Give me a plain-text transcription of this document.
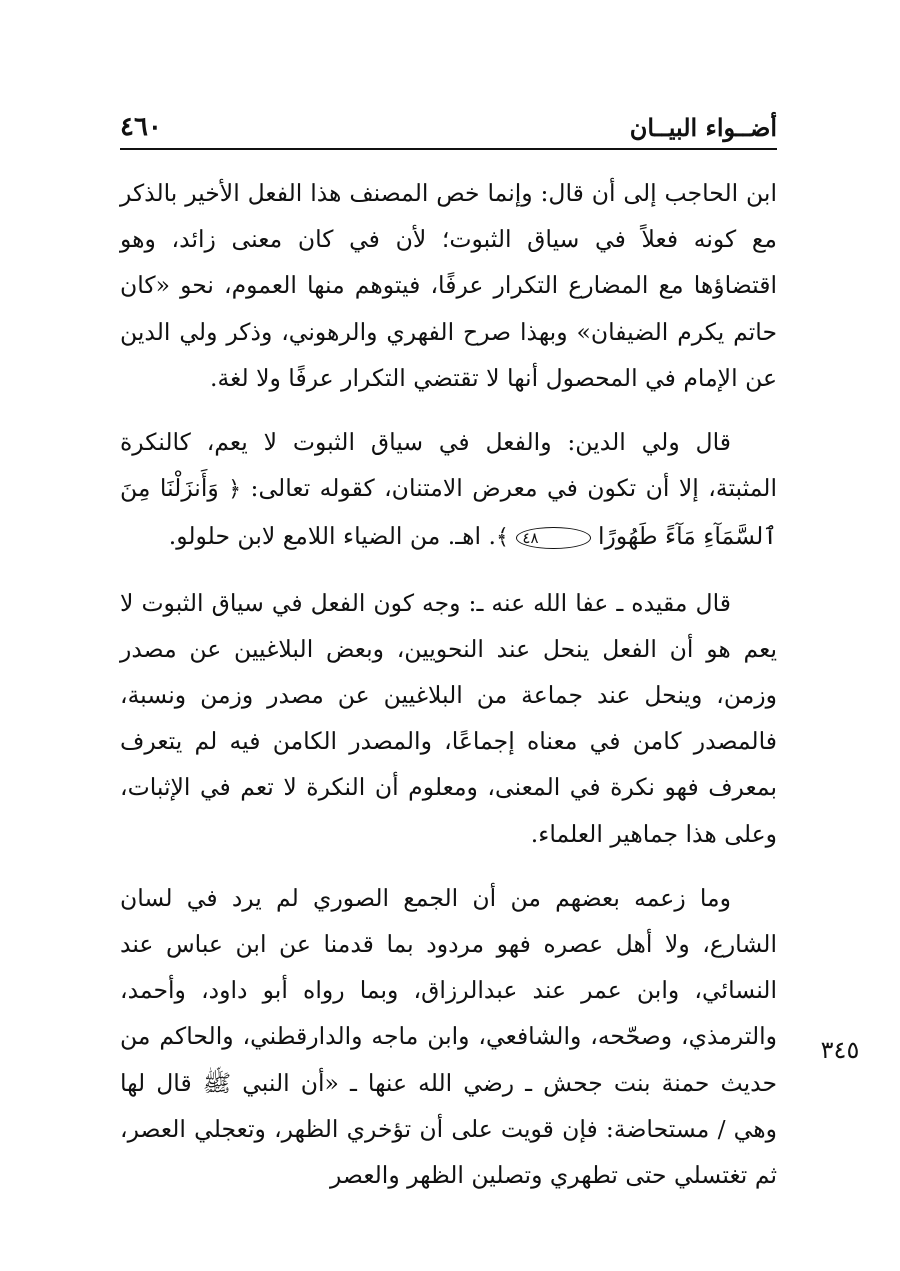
أضــواء البيــان
٤٦٠

ابن الحاجب إلى أن قال: وإنما خص المصنف هذا الفعل الأخير بالذكر مع كونه فعلاً في سياق الثبوت؛ لأن في كان معنى زائد، وهو اقتضاؤها مع المضارع التكرار عرفًا، فيتوهم منها العموم، نحو «كان حاتم يكرم الضيفان» وبهذا صرح الفهري والرهوني، وذكر ولي الدين عن الإمام في المحصول أنها لا تقتضي التكرار عرفًا ولا لغة.

قال ولي الدين: والفعل في سياق الثبوت لا يعم، كالنكرة المثبتة، إلا أن تكون في معرض الامتنان، كقوله تعالى: ﴿ وَأَنزَلْنَا مِنَ ٱلسَّمَآءِ مَآءً طَهُورًا ٤٨ ﴾. اهـ. من الضياء اللامع لابن حلولو.

قال مقيده ـ عفا الله عنه ـ: وجه كون الفعل في سياق الثبوت لا يعم هو أن الفعل ينحل عند النحويين، وبعض البلاغيين عن مصدر وزمن، وينحل عند جماعة من البلاغيين عن مصدر وزمن ونسبة، فالمصدر كامن في معناه إجماعًا، والمصدر الكامن فيه لم يتعرف بمعرف فهو نكرة في المعنى، ومعلوم أن النكرة لا تعم في الإثبات، وعلى هذا جماهير العلماء.

وما زعمه بعضهم من أن الجمع الصوري لم يرد في لسان الشارع، ولا أهل عصره فهو مردود بما قدمنا عن ابن عباس عند النسائي، وابن عمر عند عبدالرزاق، وبما رواه أبو داود، وأحمد، والترمذي، وصحّحه، والشافعي، وابن ماجه والدارقطني، والحاكم من حديث حمنة بنت جحش ـ رضي الله عنها ـ «أن النبي ﷺ قال لها وهي / مستحاضة: فإن قويت على أن تؤخري الظهر، وتعجلي العصر، ثم تغتسلي حتى تطهري وتصلين الظهر والعصر

٣٤٥
